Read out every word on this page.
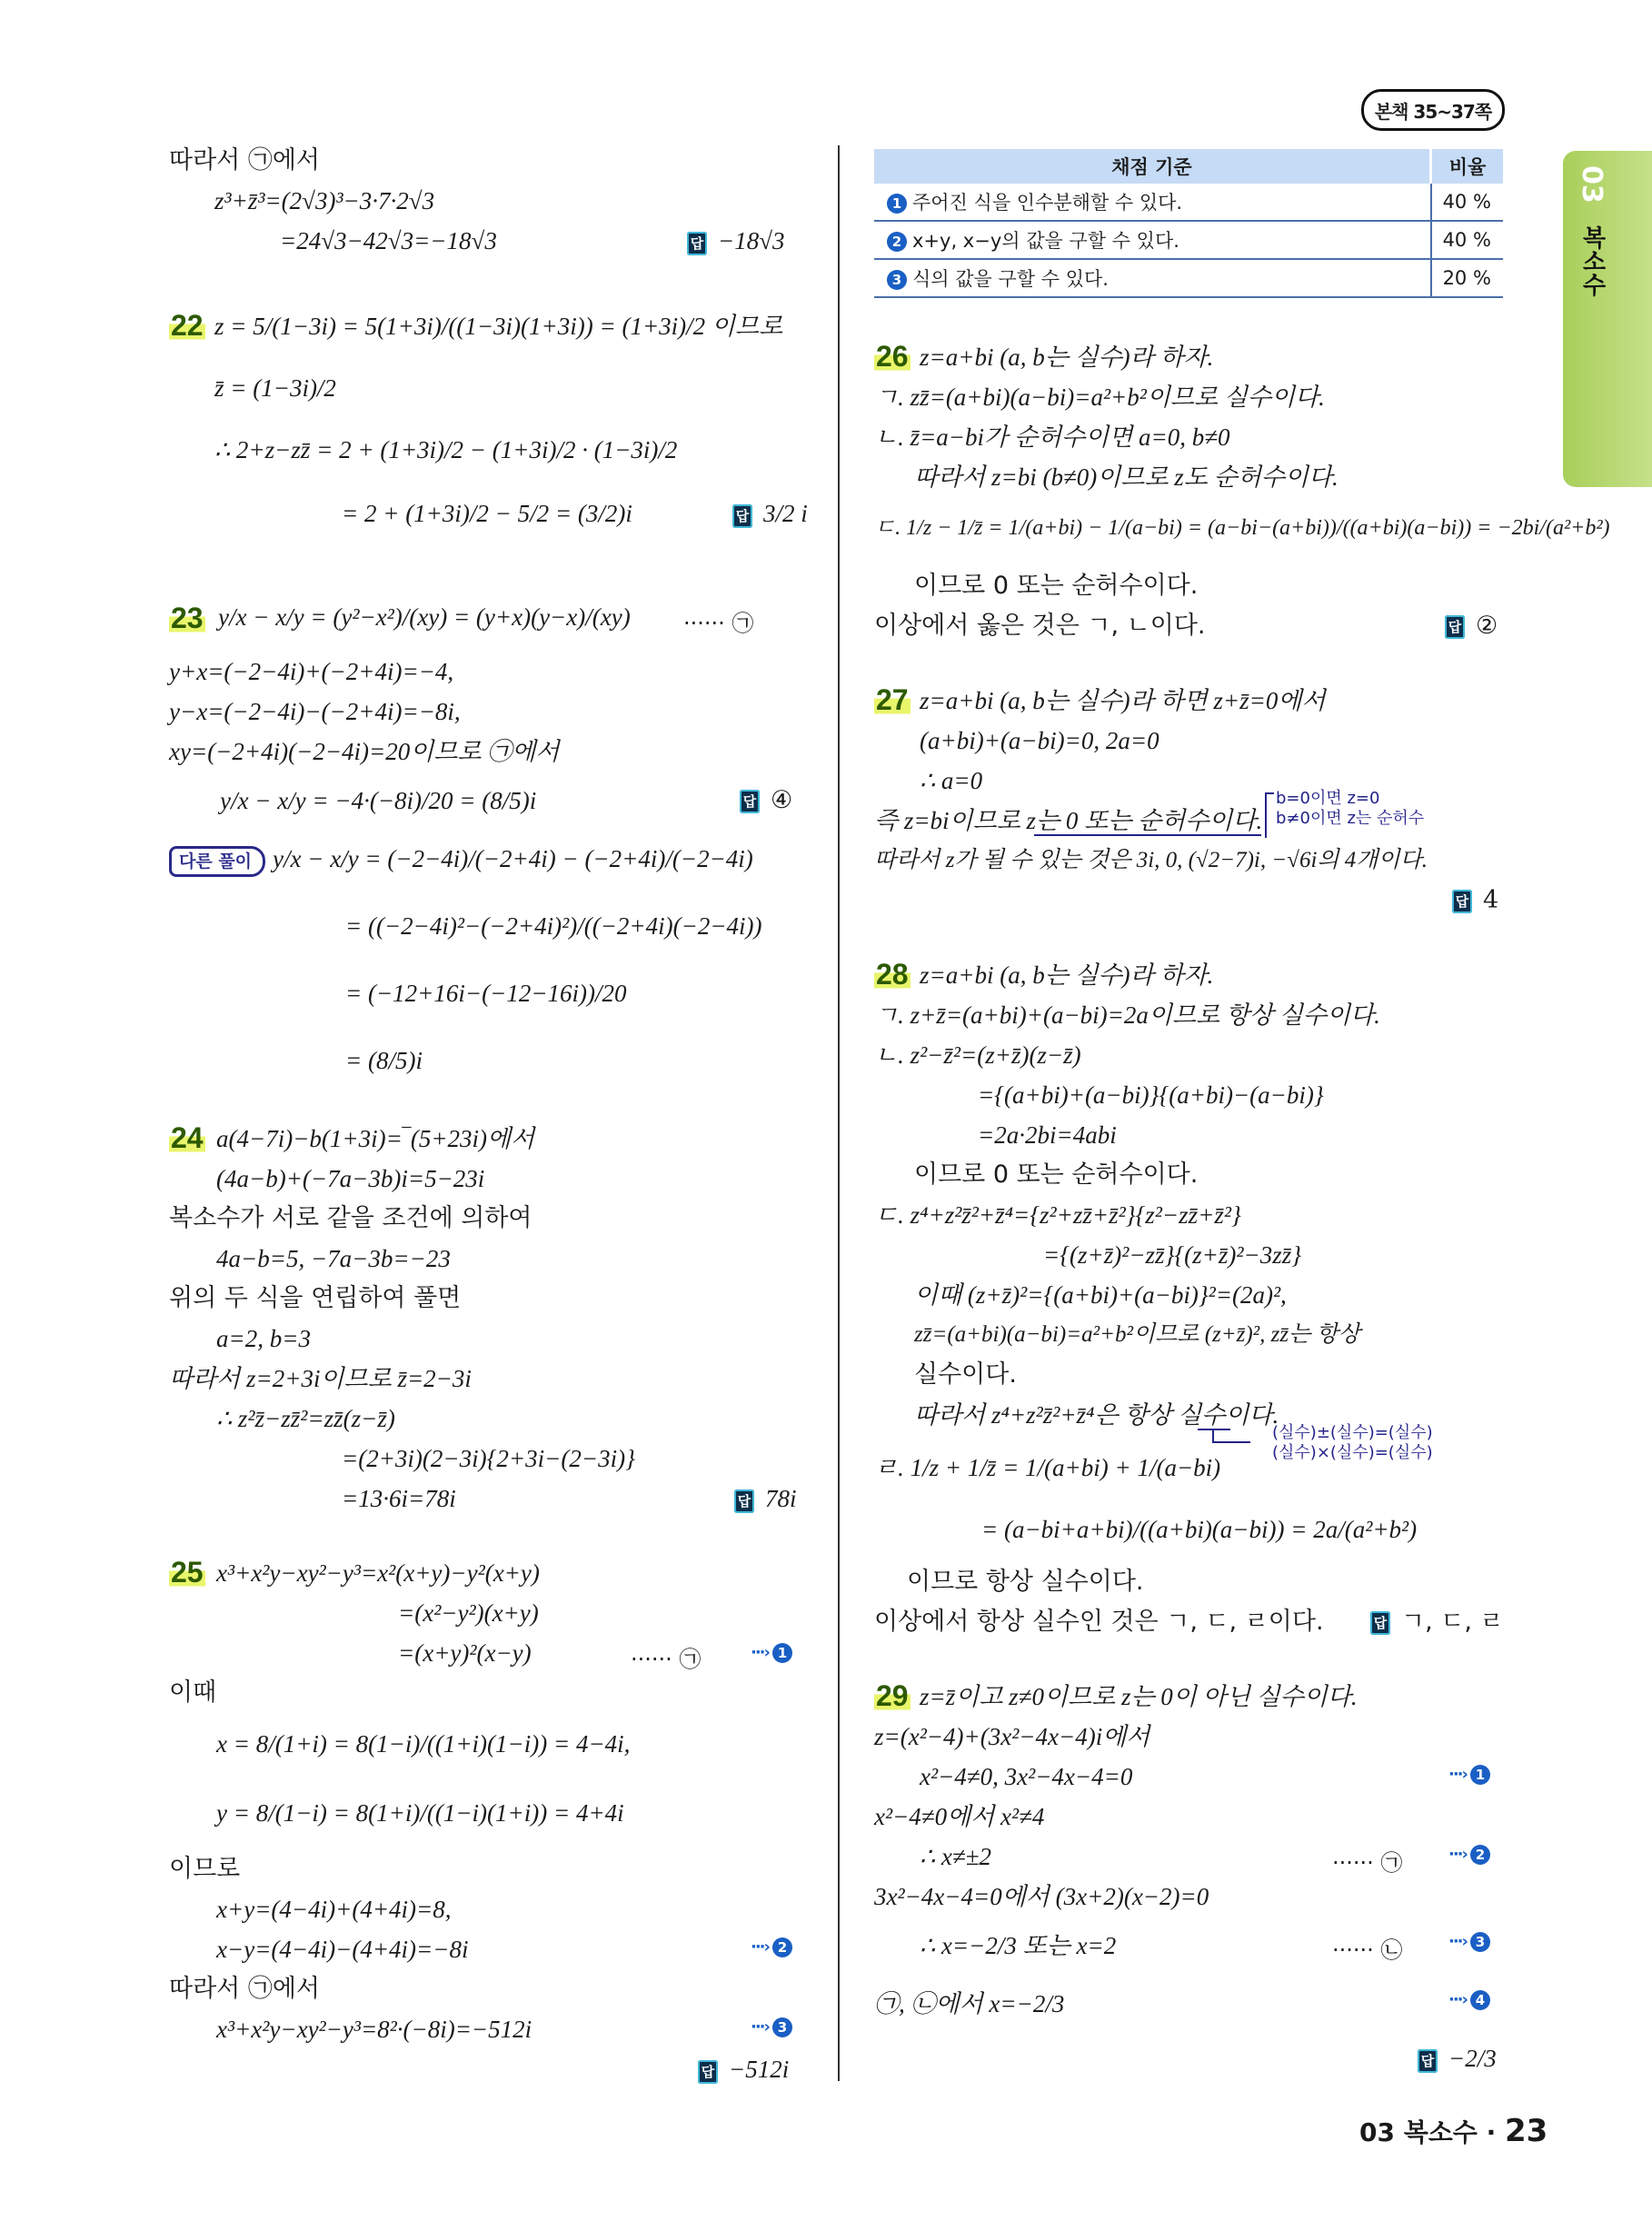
본책 35~37쪽
03
복소수
따라서 ㉠에서
z³+z̄³=(2√3)³−3·7·2√3
=24√3−42√3=−18√3	답 −18√3
22 z = 5/(1−3i) = 5(1+3i)/((1−3i)(1+3i)) = (1+3i)/2 이므로
z̄ = (1−3i)/2
∴ 2+z−zz̄ = 2 + (1+3i)/2 − (1+3i)/2 · (1−3i)/2
= 2 + (1+3i)/2 − 5/2 = (3/2)i	답 3/2 i
23 y/x − x/y = (y²−x²)/(xy) = (y+x)(y−x)/(xy) ······ ㉠
y+x=(−2−4i)+(−2+4i)=−4,
y−x=(−2−4i)−(−2+4i)=−8i,
xy=(−2+4i)(−2−4i)=20이므로 ㉠에서
y/x − x/y = −4·(−8i)/20 = (8/5)i	답 ④
다른 풀이 y/x − x/y = (−2−4i)/(−2+4i) − (−2+4i)/(−2−4i)
= ((−2−4i)²−(−2+4i)²)/((−2+4i)(−2−4i))
= (−12+16i−(−12−16i))/20
= (8/5)i
24 a(4−7i)−b(1+3i)=‾(5+23i)에서
(4a−b)+(−7a−3b)i=5−23i
복소수가 서로 같을 조건에 의하여
4a−b=5, −7a−3b=−23
위의 두 식을 연립하여 풀면
a=2, b=3
따라서 z=2+3i이므로 z̄=2−3i
∴ z²z̄−zz̄²=zz̄(z−z̄)
=(2+3i)(2−3i){2+3i−(2−3i)}
=13·6i=78i	답 78i
25 x³+x²y−xy²−y³=x²(x+y)−y²(x+y)
=(x²−y²)(x+y)
=(x+y)²(x−y)	······ ㉠	···› 1
이때
x = 8/(1+i) = 8(1−i)/((1+i)(1−i)) = 4−4i,
y = 8/(1−i) = 8(1+i)/((1−i)(1+i)) = 4+4i
이므로
x+y=(4−4i)+(4+4i)=8,
x−y=(4−4i)−(4+4i)=−8i	···› 2
따라서 ㉠에서
x³+x²y−xy²−y³=8²·(−8i)=−512i	···› 3
답 −512i
채점 기준	비율
1 주어진 식을 인수분해할 수 있다.	40 %
2 x+y, x−y의 값을 구할 수 있다.	40 %
3 식의 값을 구할 수 있다.	20 %
26 z=a+bi (a, b는 실수)라 하자.
ㄱ. zz̄=(a+bi)(a−bi)=a²+b²이므로 실수이다.
ㄴ. z̄=a−bi가 순허수이면 a=0, b≠0
따라서 z=bi (b≠0)이므로 z도 순허수이다.
ㄷ. 1/z − 1/z̄ = 1/(a+bi) − 1/(a−bi) = (a−bi−(a+bi))/((a+bi)(a−bi)) = −2bi/(a²+b²)
이므로 0 또는 순허수이다.
이상에서 옳은 것은 ㄱ, ㄴ이다.	답 ②
27 z=a+bi (a, b는 실수)라 하면 z+z̄=0에서
(a+bi)+(a−bi)=0, 2a=0
∴ a=0
즉 z=bi이므로 z는 0 또는 순허수이다.
b=0이면 z=0
b≠0이면 z는 순허수
따라서 z가 될 수 있는 것은 3i, 0, (√2−7)i, −√6i의 4개이다.
답 4
28 z=a+bi (a, b는 실수)라 하자.
ㄱ. z+z̄=(a+bi)+(a−bi)=2a이므로 항상 실수이다.
ㄴ. z²−z̄²=(z+z̄)(z−z̄)
={(a+bi)+(a−bi)}{(a+bi)−(a−bi)}
=2a·2bi=4abi
이므로 0 또는 순허수이다.
ㄷ. z⁴+z²z̄²+z̄⁴={z²+zz̄+z̄²}{z²−zz̄+z̄²}
={(z+z̄)²−zz̄}{(z+z̄)²−3zz̄}
이때 (z+z̄)²={(a+bi)+(a−bi)}²=(2a)²,
zz̄=(a+bi)(a−bi)=a²+b²이므로 (z+z̄)², zz̄는 항상
실수이다.
따라서 z⁴+z²z̄²+z̄⁴은 항상 실수이다.
(실수)±(실수)=(실수)
(실수)×(실수)=(실수)
ㄹ. 1/z + 1/z̄ = 1/(a+bi) + 1/(a−bi)
= (a−bi+a+bi)/((a+bi)(a−bi)) = 2a/(a²+b²)
이므로 항상 실수이다.
이상에서 항상 실수인 것은 ㄱ, ㄷ, ㄹ이다.	답 ㄱ, ㄷ, ㄹ
29 z=z̄이고 z≠0이므로 z는 0이 아닌 실수이다.
z=(x²−4)+(3x²−4x−4)i에서
x²−4≠0, 3x²−4x−4=0	···› 1
x²−4≠0에서 x²≠4
∴ x≠±2	······ ㉠	···› 2
3x²−4x−4=0에서 (3x+2)(x−2)=0
∴ x=−2/3 또는 x=2	······ ㉡	···› 3
㉠, ㉡에서 x=−2/3	···› 4
답 −2/3
03 복소수 · 23
